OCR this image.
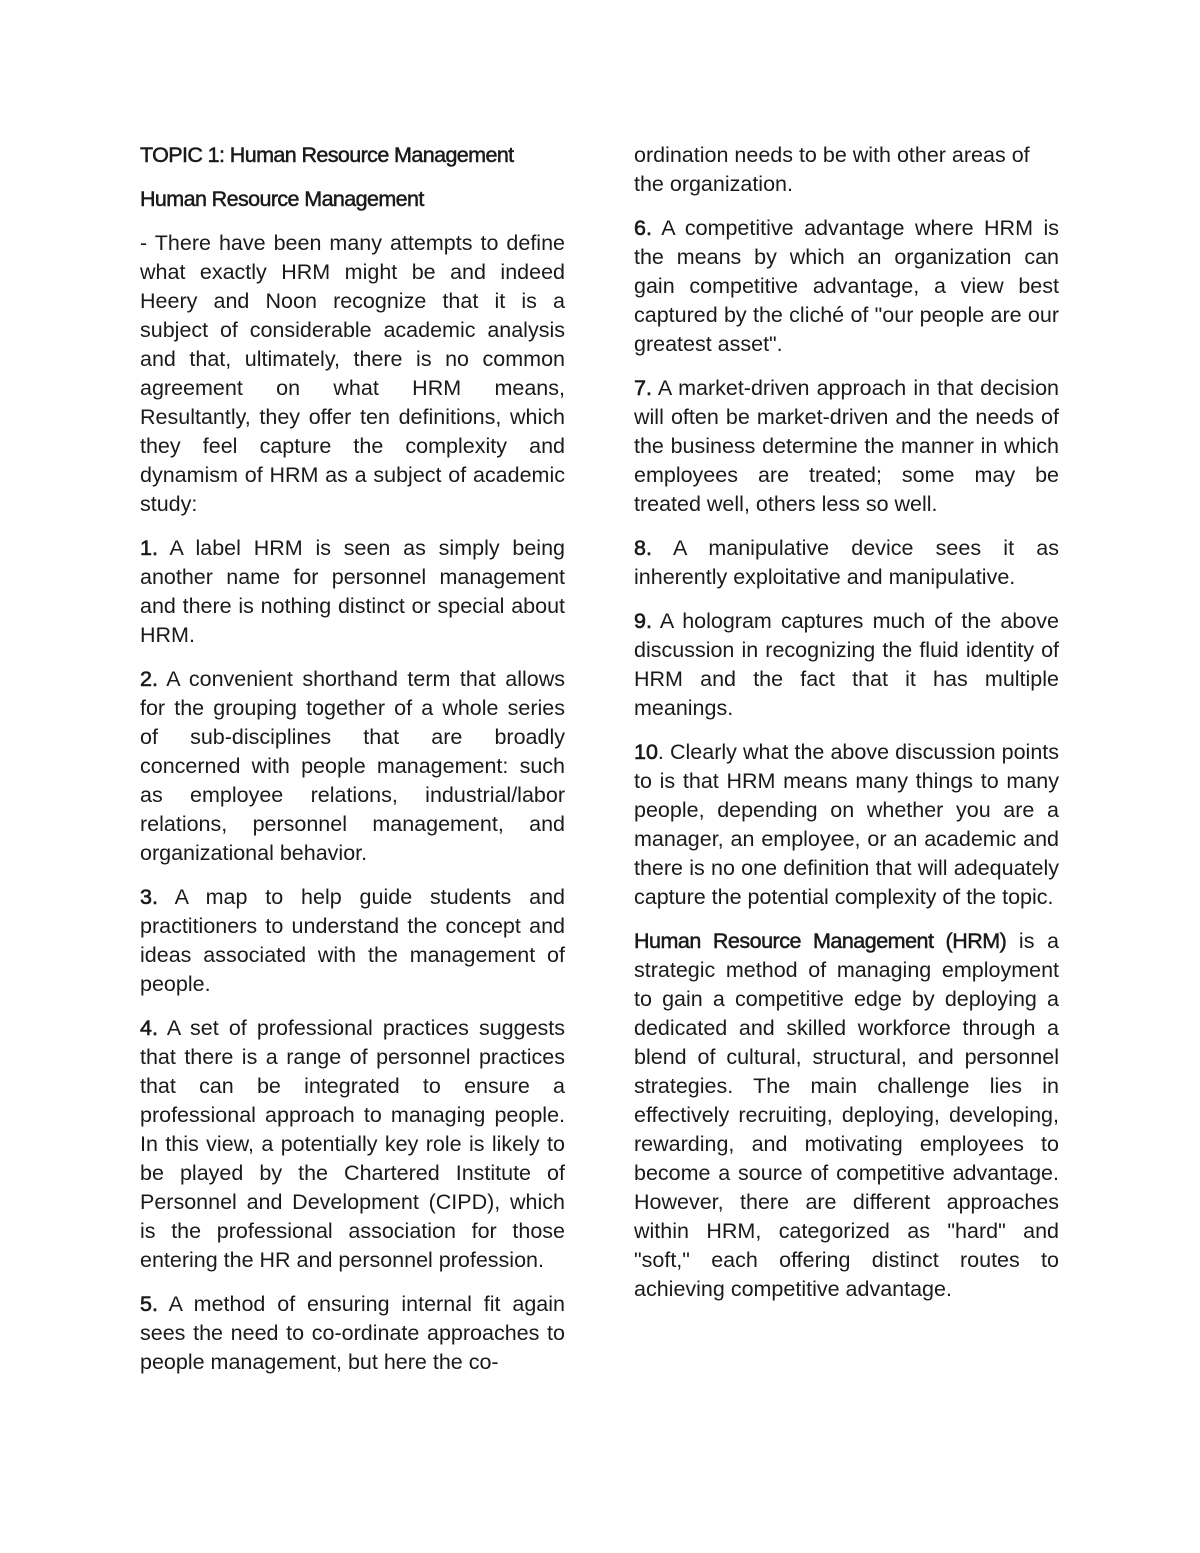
TOPIC 1: Human Resource Management
Human Resource Management

- There have been many attempts to define what exactly HRM might be and indeed Heery and Noon recognize that it is a subject of considerable academic analysis and that, ultimately, there is no common agreement on what HRM means, Resultantly, they offer ten definitions, which they feel capture the complexity and dynamism of HRM as a subject of academic study:

1. A label HRM is seen as simply being another name for personnel management and there is nothing distinct or special about HRM.

2. A convenient shorthand term that allows for the grouping together of a whole series of sub-disciplines that are broadly concerned with people management: such as employee relations, industrial/labor relations, personnel management, and organizational behavior.

3. A map to help guide students and practitioners to understand the concept and ideas associated with the management of people.

4. A set of professional practices suggests that there is a range of personnel practices that can be integrated to ensure a professional approach to managing people. In this view, a potentially key role is likely to be played by the Chartered Institute of Personnel and Development (CIPD), which is the professional association for those entering the HR and personnel profession.

5. A method of ensuring internal fit again sees the need to co-ordinate approaches to people management, but here the co-

ordination needs to be with other areas of the organization.

6. A competitive advantage where HRM is the means by which an organization can gain competitive advantage, a view best captured by the cliché of "our people are our greatest asset".

7. A market-driven approach in that decision will often be market-driven and the needs of the business determine the manner in which employees are treated; some may be treated well, others less so well.

8. A manipulative device sees it as inherently exploitative and manipulative.

9. A hologram captures much of the above discussion in recognizing the fluid identity of HRM and the fact that it has multiple meanings.

10. Clearly what the above discussion points to is that HRM means many things to many people, depending on whether you are a manager, an employee, or an academic and there is no one definition that will adequately capture the potential complexity of the topic.

Human Resource Management (HRM) is a strategic method of managing employment to gain a competitive edge by deploying a dedicated and skilled workforce through a blend of cultural, structural, and personnel strategies. The main challenge lies in effectively recruiting, deploying, developing, rewarding, and motivating employees to become a source of competitive advantage. However, there are different approaches within HRM, categorized as "hard" and "soft," each offering distinct routes to achieving competitive advantage.
